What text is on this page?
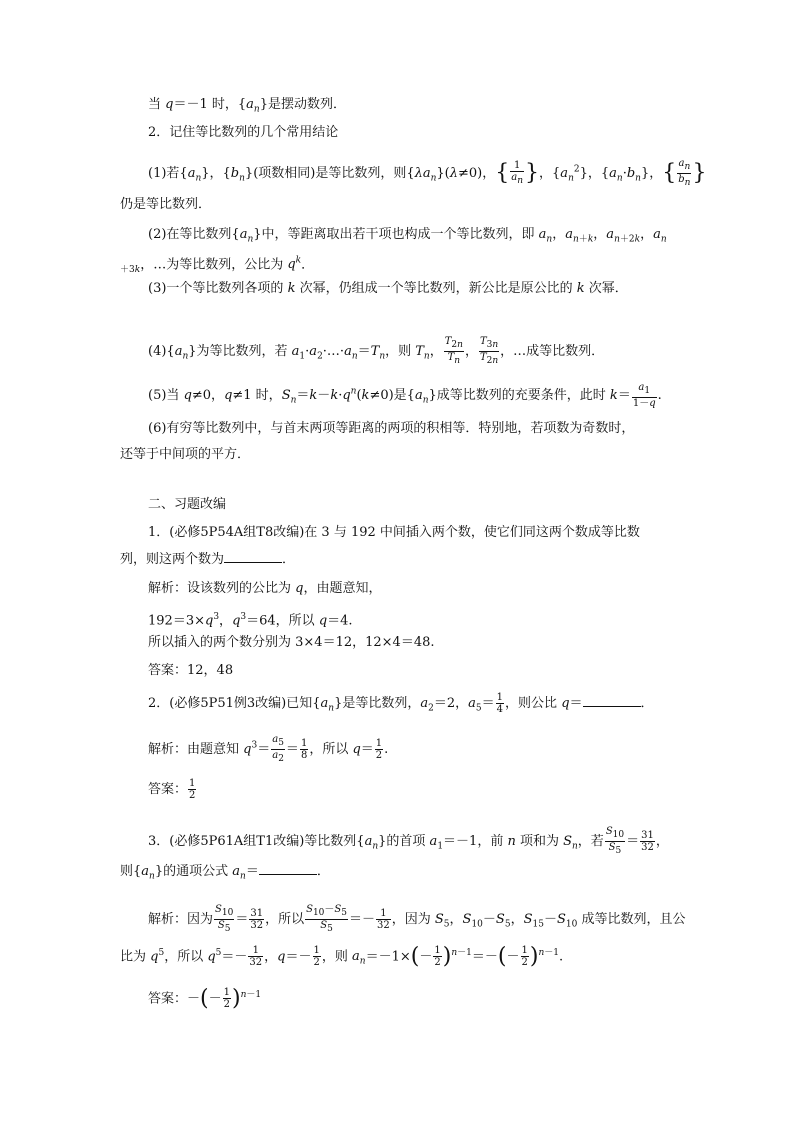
当 q＝－1 时，$\{a_n\}$是摆动数列．
2．记住等比数列的几个常用结论
(1)若$\{a_n\}$，$\{b_n\}$(项数相同)是等比数列，则$\{\lambda a_n\}(\lambda\ne 0)$，{ $\frac{1}{a_n}$ }，$\{a_n^2\}$，$\{a_n\cdot b_n\}$，{ $\frac{a_n}{b_n}$ }
仍是等比数列．
(2)在等比数列$\{a_n\}$中，等距离取出若干项也构成一个等比数列，即 $a_n$，$a_{n+k}$，$a_{n+2k}$，$a_n$
$_{+3k}$，…为等比数列，公比为 $q^k$．
(3)一个等比数列各项的 k 次幂，仍组成一个等比数列，新公比是原公比的 k 次幂．
$(4)\{a_n\}$为等比数列，若 $a_1\cdot a_2\cdot\dots\cdot a_n=T_n$，则 $T_n$， $\frac{T_{2n}}{T_n}$ ， $\frac{T_{3n}}{T_{2n}}$ ，…成等比数列．
(5)当 q≠0，q≠1 时，$S_n=k-k\cdot q^n(k\ne 0)$是$\{a_n\}$成等比数列的充要条件，此时 $k= \frac{a_1}{1-q}$ .
(6)有穷等比数列中，与首末两项等距离的两项的积相等．特别地，若项数为奇数时，
还等于中间项的平方．
二、习题改编
1．(必修5P54A组T8改编)在 3 与 192 中间插入两个数，使它们同这两个数成等比数
列，则这两个数为	．
解析：设该数列的公比为 q，由题意知，
$192=3\times q^3$，$q^3=64$，所以 q＝4.
所以插入的两个数分别为 3×4＝12，12×4＝48.
答案：12，48
2．(必修5P51例3改编)已知$\{a_n\}$是等比数列，$a_2=2$，$a_5= \frac{1}{4}$ ，则公比 q＝	．
解析：由题意知 $q^3= \frac{a_5}{a_2} = \frac{1}{8}$ ，所以 $q= \frac{1}{2}$ .
答案： $\frac{1}{2}$
3．(必修5P61A组T1改编)等比数列$\{a_n\}$的首项 $a_1=-1$，前 n 项和为 $S_n$，若 $\frac{S_{10}}{S_5} = \frac{31}{32}$ ，
则$\{a_n\}$的通项公式 $a_n=$	．
解析：因为 $\frac{S_{10}}{S_5} = \frac{31}{32}$ ，所以 $\frac{S_{10}-S_5}{S_5} =- \frac{1}{32}$ ，因为 $S_5$，$S_{10}-S_5$，$S_{15}-S_{10}$ 成等比数列，且公
比为 $q^5$，所以 $q^5=- \frac{1}{32}$ ，$q=- \frac{1}{2}$ ，则 $a_n=-1\times(- \frac{1}{2} )^{n-1}=-(- \frac{1}{2} )^{n-1}$.
答案：－(－ $\frac{1}{2} )^{n-1}$
